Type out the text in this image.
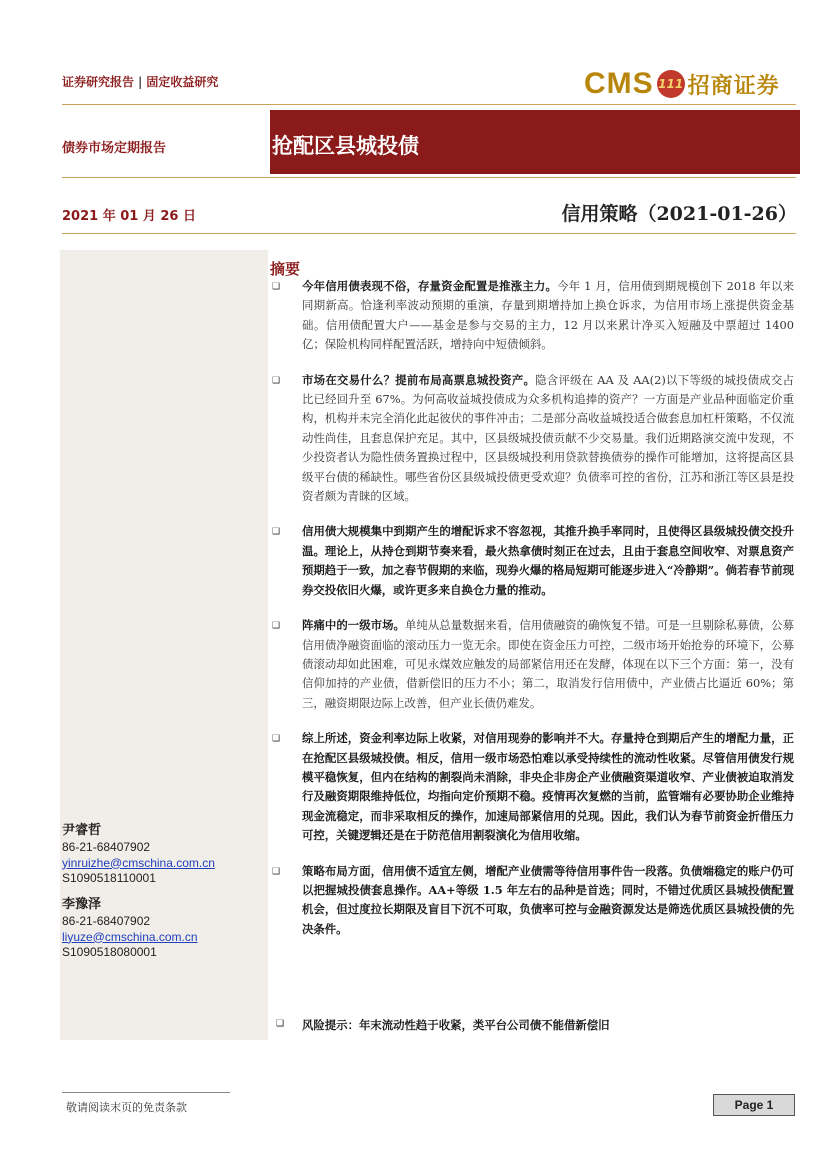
证券研究报告 | 固定收益研究	CMS 111 招商证券
债券市场定期报告	抢配区县城投债
2021 年 01 月 26 日	信用策略（2021-01-26）
尹睿哲
86-21-68407902
yinruizhe@cmschina.com.cn
S1090518110001
李豫泽
86-21-68407902
liyuze@cmschina.com.cn
S1090518080001
摘要
❑	今年信用债表现不俗，存量资金配置是推涨主力。今年 1 月，信用债到期规模创下 2018 年以来同期新高。恰逢利率波动预期的重演，存量到期增持加上换仓诉求，为信用市场上涨提供资金基础。信用债配置大户——基金是参与交易的主力，12 月以来累计净买入短融及中票超过 1400 亿；保险机构同样配置活跃，增持向中短债倾斜。
❑	市场在交易什么？提前布局高票息城投资产。隐含评级在 AA 及 AA(2)以下等级的城投债成交占比已经回升至 67%。为何高收益城投债成为众多机构追捧的资产？一方面是产业品种面临定价重构，机构并未完全消化此起彼伏的事件冲击；二是部分高收益城投适合做套息加杠杆策略，不仅流动性尚佳，且套息保护充足。其中，区县级城投债贡献不少交易量。我们近期路演交流中发现，不少投资者认为隐性债务置换过程中，区县级城投利用贷款替换债券的操作可能增加，这将提高区县级平台债的稀缺性。哪些省份区县级城投债更受欢迎？负债率可控的省份，江苏和浙江等区县是投资者颇为青睐的区域。
❑	信用债大规模集中到期产生的增配诉求不容忽视，其推升换手率同时，且使得区县级城投债交投升温。理论上，从持仓到期节奏来看，最火热拿债时刻正在过去，且由于套息空间收窄、对票息资产预期趋于一致，加之春节假期的来临，现券火爆的格局短期可能逐步进入“冷静期”。倘若春节前现券交投依旧火爆，或许更多来自换仓力量的推动。
❑	阵痛中的一级市场。单纯从总量数据来看，信用债融资的确恢复不错。可是一旦剔除私募债，公募信用债净融资面临的滚动压力一览无余。即使在资金压力可控，二级市场开始抢券的环境下，公募债滚动却如此困难，可见永煤效应触发的局部紧信用还在发酵，体现在以下三个方面：第一，没有信仰加持的产业债，借新偿旧的压力不小；第二，取消发行信用债中，产业债占比逼近 60%；第三，融资期限边际上改善，但产业长债仍难发。
❑	综上所述，资金利率边际上收紧，对信用现券的影响并不大。存量持仓到期后产生的增配力量，正在抢配区县级城投债。相反，信用一级市场恐怕难以承受持续性的流动性收紧。尽管信用债发行规模平稳恢复，但内在结构的割裂尚未消除，非央企非房企产业债融资渠道收窄、产业债被迫取消发行及融资期限维持低位，均指向定价预期不稳。疫情再次复燃的当前，监管端有必要协助企业维持现金流稳定，而非采取相反的操作，加速局部紧信用的兑现。因此，我们认为春节前资金折借压力可控，关键逻辑还是在于防范信用割裂演化为信用收缩。
❑	策略布局方面，信用债不适宜左侧，增配产业债需等待信用事件告一段落。负债端稳定的账户仍可以把握城投债套息操作。AA+等级 1.5 年左右的品种是首选；同时，不错过优质区县城投债配置机会，但过度拉长期限及盲目下沉不可取，负债率可控与金融资源发达是筛选优质区县城投债的先决条件。
❑	风险提示：年末流动性趋于收紧，类平台公司债不能借新偿旧
敬请阅读末页的免责条款	Page 1
